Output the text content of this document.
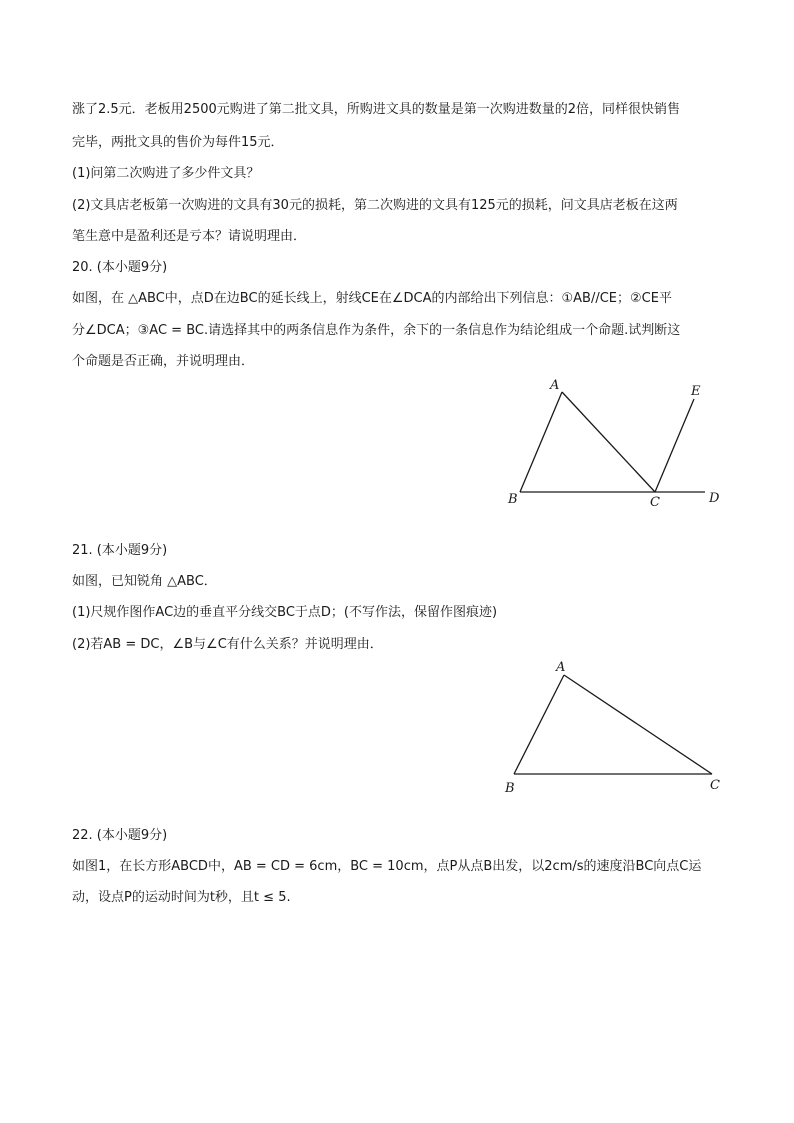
涨了2.5元．老板用2500元购进了第二批文具，所购进文具的数量是第一次购进数量的2倍，同样很快销售
完毕，两批文具的售价为每件15元．
(1)问第二次购进了多少件文具？
(2)文具店老板第一次购进的文具有30元的损耗，第二次购进的文具有125元的损耗，问文具店老板在这两
笔生意中是盈利还是亏本？请说明理由．
20. (本小题9分)
如图，在 △ABC中，点D在边BC的延长线上，射线CE在∠DCA的内部给出下列信息：①AB//CE；②CE平
分∠DCA；③AC = BC.请选择其中的两条信息作为条件，余下的一条信息作为结论组成一个命题.试判断这
个命题是否正确，并说明理由．
A
B	C	D
E
21. (本小题9分)
如图，已知锐角 △ABC．
(1)尺规作图作AC边的垂直平分线交BC于点D；(不写作法，保留作图痕迹)
(2)若AB = DC，∠B与∠C有什么关系？并说明理由．
A
B	C
22. (本小题9分)
如图1，在长方形ABCD中，AB = CD = 6cm，BC = 10cm，点P从点B出发，以2cm/s的速度沿BC向点C运
动，设点P的运动时间为t秒，且t ≤ 5.
